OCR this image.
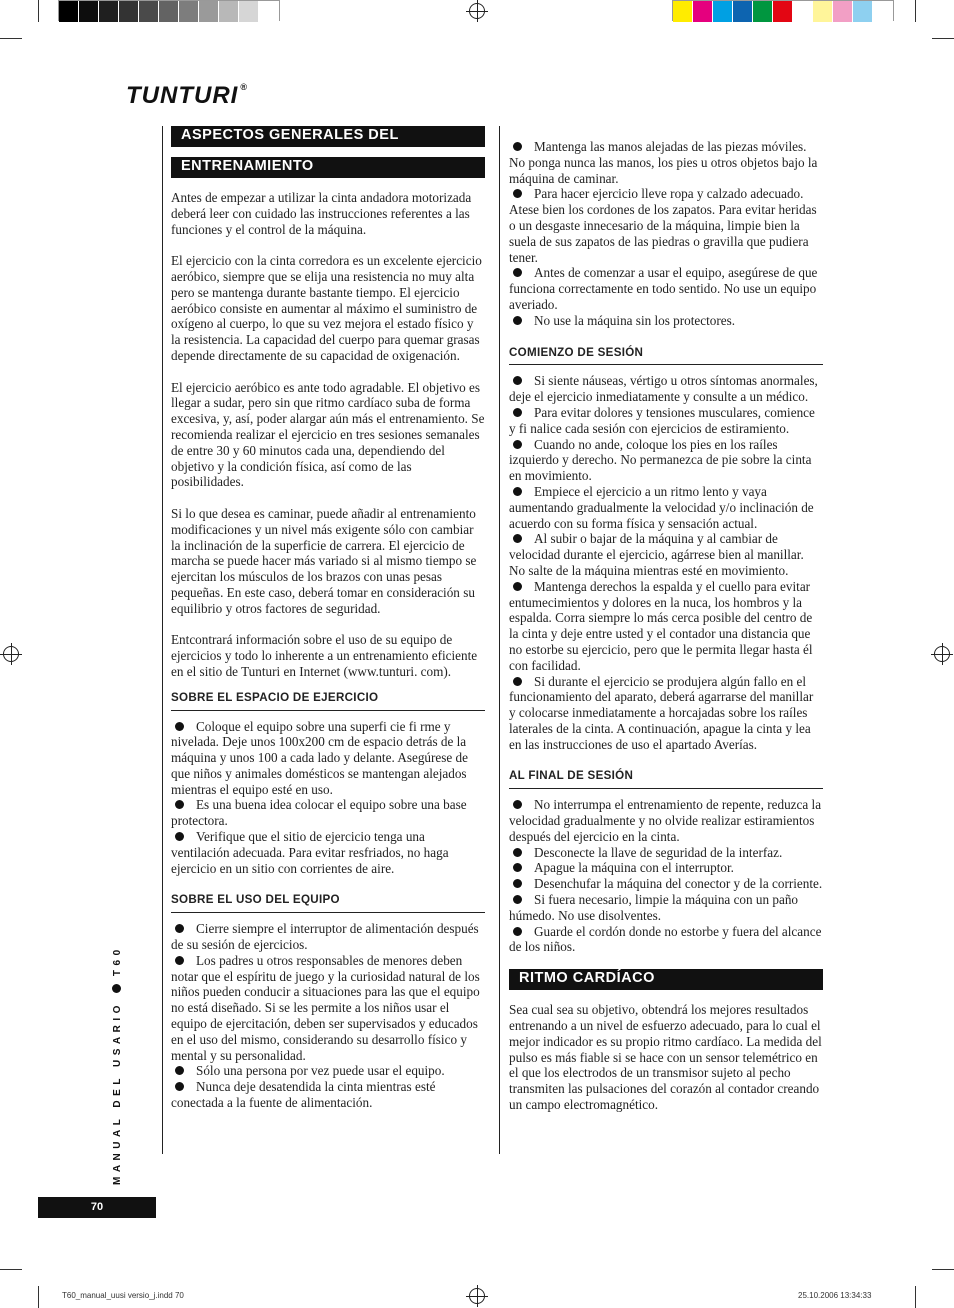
TUNTURI ®
ASPECTOS GENERALES DEL
ENTRENAMIENTO

Antes de empezar a utilizar la cinta andadora motorizada deberá leer con cuidado las instrucciones referentes a las funciones y el control de la máquina.

El ejercicio con la cinta corredora es un excelente ejercicio aeróbico, siempre que se elija una resistencia no muy alta pero se mantenga durante bastante tiempo. El ejercicio aeróbico consiste en aumentar al máximo el suministro de oxígeno al cuerpo, lo que su vez mejora el estado físico y la resistencia. La capacidad del cuerpo para quemar grasas depende directamente de su capacidad de oxigenación.

El ejercicio aeróbico es ante todo agradable. El objetivo es llegar a sudar, pero sin que ritmo cardíaco suba de forma excesiva, y, así, poder alargar aún más el entrenamiento. Se recomienda realizar el ejercicio en tres sesiones semanales de entre 30 y 60 minutos cada una, dependiendo del objetivo y la condición física, así como de las posibilidades.

Si lo que desea es caminar, puede añadir al entrenamiento modificaciones y un nivel más exigente sólo con cambiar la inclinación de la superficie de carrera. El ejercicio de marcha se puede hacer más variado si al mismo tiempo se ejercitan los músculos de los brazos con unas pesas pequeñas. En este caso, deberá tomar en consideración su equilibrio y otros factores de seguridad.

Entcontrará información sobre el uso de su equipo de ejercicios y todo lo inherente a un entrenamiento eficiente en el sitio de Tunturi en Internet (www.tunturi. com).

SOBRE EL ESPACIO DE EJERCICIO
Coloque el equipo sobre una superfi cie fi rme y nivelada. Deje unos 100x200 cm de espacio detrás de la máquina y unos 100 a cada lado y delante. Asegúrese de que niños y animales domésticos se mantengan alejados mientras el equipo esté en uso.
Es una buena idea colocar el equipo sobre una base protectora.
Verifique que el sitio de ejercicio tenga una ventilación adecuada. Para evitar resfriados, no haga ejercicio en un sitio con corrientes de aire.
SOBRE EL USO DEL EQUIPO
Cierre siempre el interruptor de alimentación después de su sesión de ejercicios.
Los padres u otros responsables de menores deben notar que el espíritu de juego y la curiosidad natural de los niños pueden conducir a situaciones para las que el equipo no está diseñado. Si se les permite a los niños usar el equipo de ejercitación, deben ser supervisados y educados en el uso del mismo, considerando su desarrollo físico y mental y su personalidad.
Sólo una persona por vez puede usar el equipo.
Nunca deje desatendida la cinta mientras esté conectada a la fuente de alimentación.
Mantenga las manos alejadas de las piezas móviles. No ponga nunca las manos, los pies u otros objetos bajo la máquina de caminar.
Para hacer ejercicio lleve ropa y calzado adecuado. Atese bien los cordones de los zapatos. Para evitar heridas o un desgaste innecesario de la máquina, limpie bien la suela de sus zapatos de las piedras o gravilla que pudiera tener.
Antes de comenzar a usar el equipo, asegúrese de que funciona correctamente en todo sentido. No use un equipo averiado.
No use la máquina sin los protectores.
COMIENZO DE SESIÓN
Si siente náuseas, vértigo u otros síntomas anormales, deje el ejercicio inmediatamente y consulte a un médico.
Para evitar dolores y tensiones musculares, comience y fi nalice cada sesión con ejercicios de estiramiento.
Cuando no ande, coloque los pies en los raíles izquierdo y derecho. No permanezca de pie sobre la cinta en movimiento.
Empiece el ejercicio a un ritmo lento y vaya aumentando gradualmente la velocidad y/o inclinación de acuerdo con su forma física y sensación actual.
Al subir o bajar de la máquina y al cambiar de velocidad durante el ejercicio, agárrese bien al manillar. No salte de la máquina mientras esté en movimiento.
Mantenga derechos la espalda y el cuello para evitar entumecimientos y dolores en la nuca, los hombros y la espalda. Corra siempre lo más cerca posible del centro de la cinta y deje entre usted y el contador una distancia que no estorbe su ejercicio, pero que le permita llegar hasta él con facilidad.
Si durante el ejercicio se produjera algún fallo en el funcionamiento del aparato, deberá agarrarse del manillar y colocarse inmediatamente a horcajadas sobre los raíles laterales de la cinta. A continuación, apague la cinta y lea en las instrucciones de uso el apartado Averías.
AL FINAL DE SESIÓN
No interrumpa el entrenamiento de repente, reduzca la velocidad gradualmente y no olvide realizar estiramientos después del ejercicio en la cinta.
Desconecte la llave de seguridad de la interfaz.
Apague la máquina con el interruptor.
Desenchufar la máquina del conector y de la corriente.
Si fuera necesario, limpie la máquina con un paño húmedo. No use disolventes.
Guarde el cordón donde no estorbe y fuera del alcance de los niños.
RITMO CARDÍACO

Sea cual sea su objetivo, obtendrá los mejores resultados entrenando a un nivel de esfuerzo adecuado, para lo cual el mejor indicador es su propio ritmo cardíaco. La medida del pulso es más fiable si se hace con un sensor telemétrico en el que los electrodos de un transmisor sujeto al pecho transmiten las pulsaciones del corazón al contador creando un campo electromagnético.

MANUAL DEL USARIOT60
70
T60_manual_uusi versio_j.indd 70	25.10.2006 13:34:33
